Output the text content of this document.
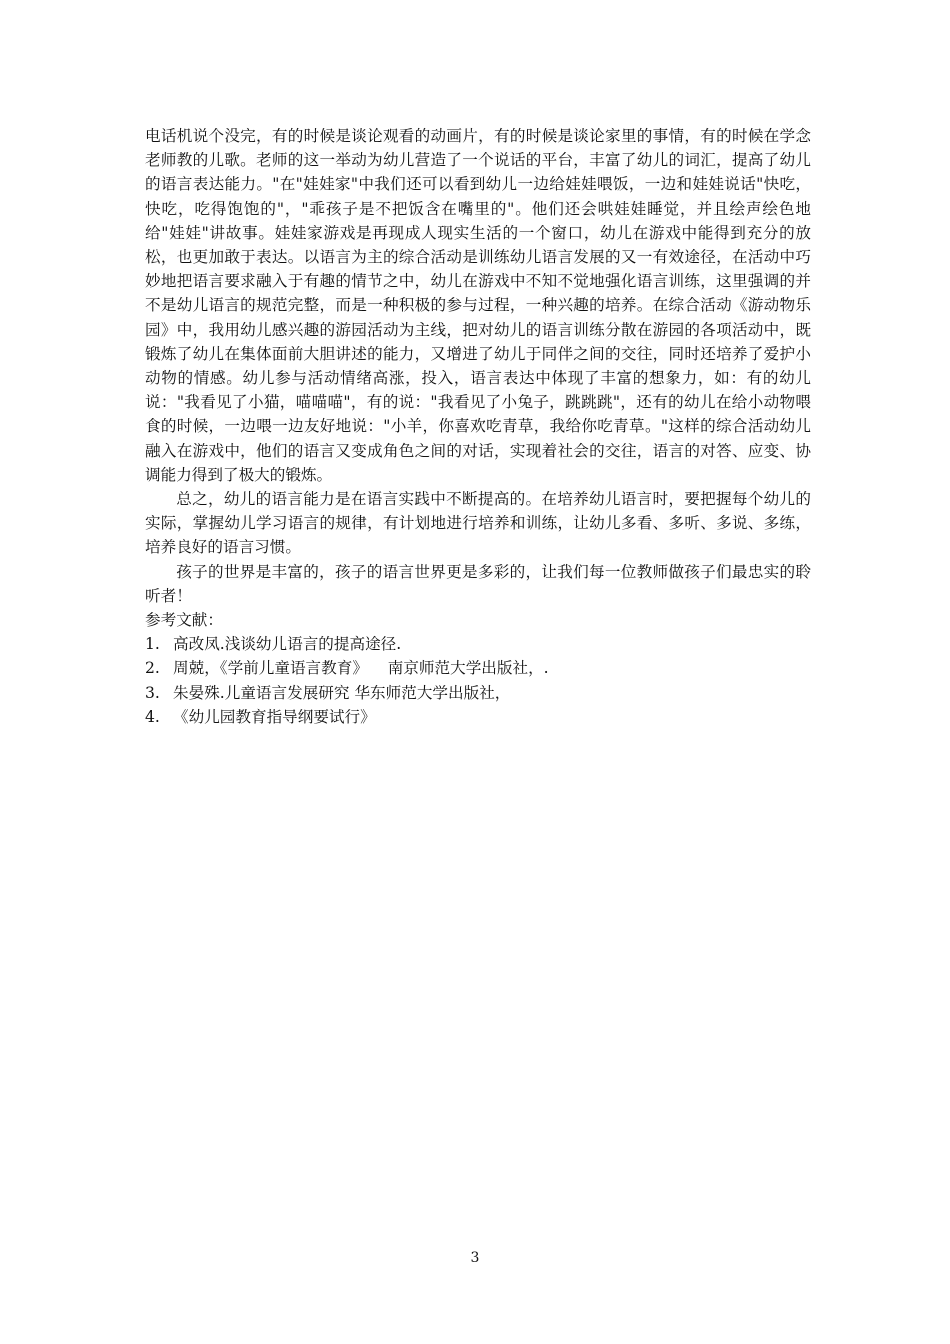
电话机说个没完，有的时候是谈论观看的动画片，有的时候是谈论家里的事情，有的时候在学念老师教的儿歌。老师的这一举动为幼儿营造了一个说话的平台，丰富了幼儿的词汇，提高了幼儿的语言表达能力。"在"娃娃家"中我们还可以看到幼儿一边给娃娃喂饭，一边和娃娃说话"快吃，快吃，吃得饱饱的"，"乖孩子是不把饭含在嘴里的"。他们还会哄娃娃睡觉，并且绘声绘色地给"娃娃"讲故事。娃娃家游戏是再现成人现实生活的一个窗口，幼儿在游戏中能得到充分的放松，也更加敢于表达。以语言为主的综合活动是训练幼儿语言发展的又一有效途径，在活动中巧妙地把语言要求融入于有趣的情节之中，幼儿在游戏中不知不觉地强化语言训练，这里强调的并不是幼儿语言的规范完整，而是一种积极的参与过程，一种兴趣的培养。在综合活动《游动物乐园》中，我用幼儿感兴趣的游园活动为主线，把对幼儿的语言训练分散在游园的各项活动中，既锻炼了幼儿在集体面前大胆讲述的能力，又增进了幼儿于同伴之间的交往，同时还培养了爱护小动物的情感。幼儿参与活动情绪高涨，投入，语言表达中体现了丰富的想象力，如：有的幼儿说："我看见了小猫，喵喵喵"，有的说："我看见了小兔子，跳跳跳"，还有的幼儿在给小动物喂食的时候，一边喂一边友好地说："小羊，你喜欢吃青草，我给你吃青草。"这样的综合活动幼儿融入在游戏中，他们的语言又变成角色之间的对话，实现着社会的交往，语言的对答、应变、协调能力得到了极大的锻炼。

总之，幼儿的语言能力是在语言实践中不断提高的。在培养幼儿语言时，要把握每个幼儿的实际，掌握幼儿学习语言的规律，有计划地进行培养和训练，让幼儿多看、多听、多说、多练，培养良好的语言习惯。

孩子的世界是丰富的，孩子的语言世界更是多彩的，让我们每一位教师做孩子们最忠实的聆听者！

参考文献：

1. 高改凤.浅谈幼儿语言的提高途径.
2. 周兢，《学前儿童语言教育》    南京师范大学出版社，.
3. 朱晏殊.儿童语言发展研究 华东师范大学出版社，
4. 《幼儿园教育指导纲要试行》
3
